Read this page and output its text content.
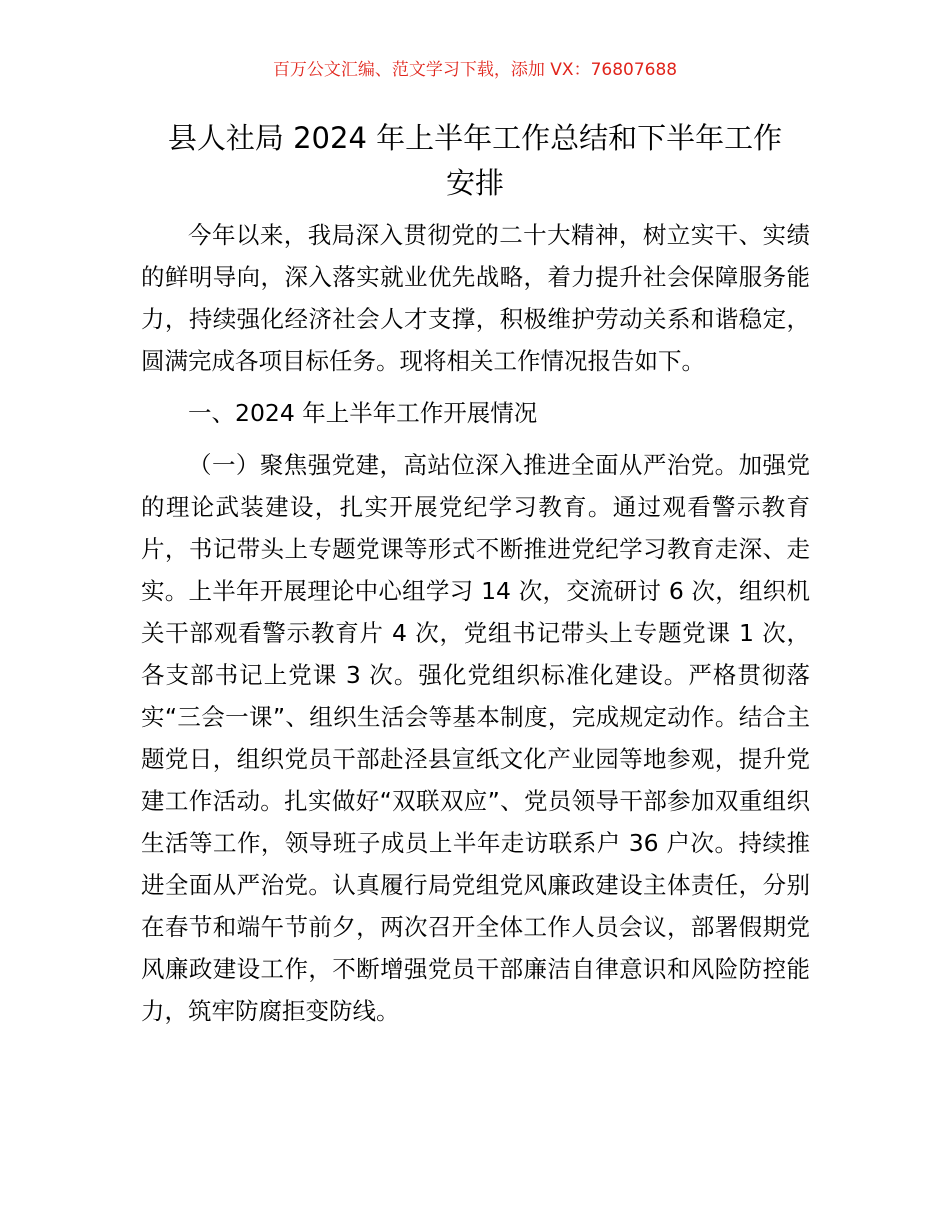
百万公文汇编、范文学习下载，添加 VX：76807688
县人社局 2024 年上半年工作总结和下半年工作
安排

今年以来，我局深入贯彻党的二十大精神，树立实干、实绩的鲜明导向，深入落实就业优先战略，着力提升社会保障服务能力，持续强化经济社会人才支撑，积极维护劳动关系和谐稳定，圆满完成各项目标任务。现将相关工作情况报告如下。

一、2024 年上半年工作开展情况

（一）聚焦强党建，高站位深入推进全面从严治党。加强党的理论武装建设，扎实开展党纪学习教育。通过观看警示教育片，书记带头上专题党课等形式不断推进党纪学习教育走深、走实。上半年开展理论中心组学习 14 次，交流研讨 6 次，组织机关干部观看警示教育片 4 次，党组书记带头上专题党课 1 次，各支部书记上党课 3 次。强化党组织标准化建设。严格贯彻落实“三会一课”、组织生活会等基本制度，完成规定动作。结合主题党日，组织党员干部赴泾县宣纸文化产业园等地参观，提升党建工作活动。扎实做好“双联双应”、党员领导干部参加双重组织生活等工作，领导班子成员上半年走访联系户 36 户次。持续推进全面从严治党。认真履行局党组党风廉政建设主体责任，分别在春节和端午节前夕，两次召开全体工作人员会议，部署假期党风廉政建设工作，不断增强党员干部廉洁自律意识和风险防控能力，筑牢防腐拒变防线。
